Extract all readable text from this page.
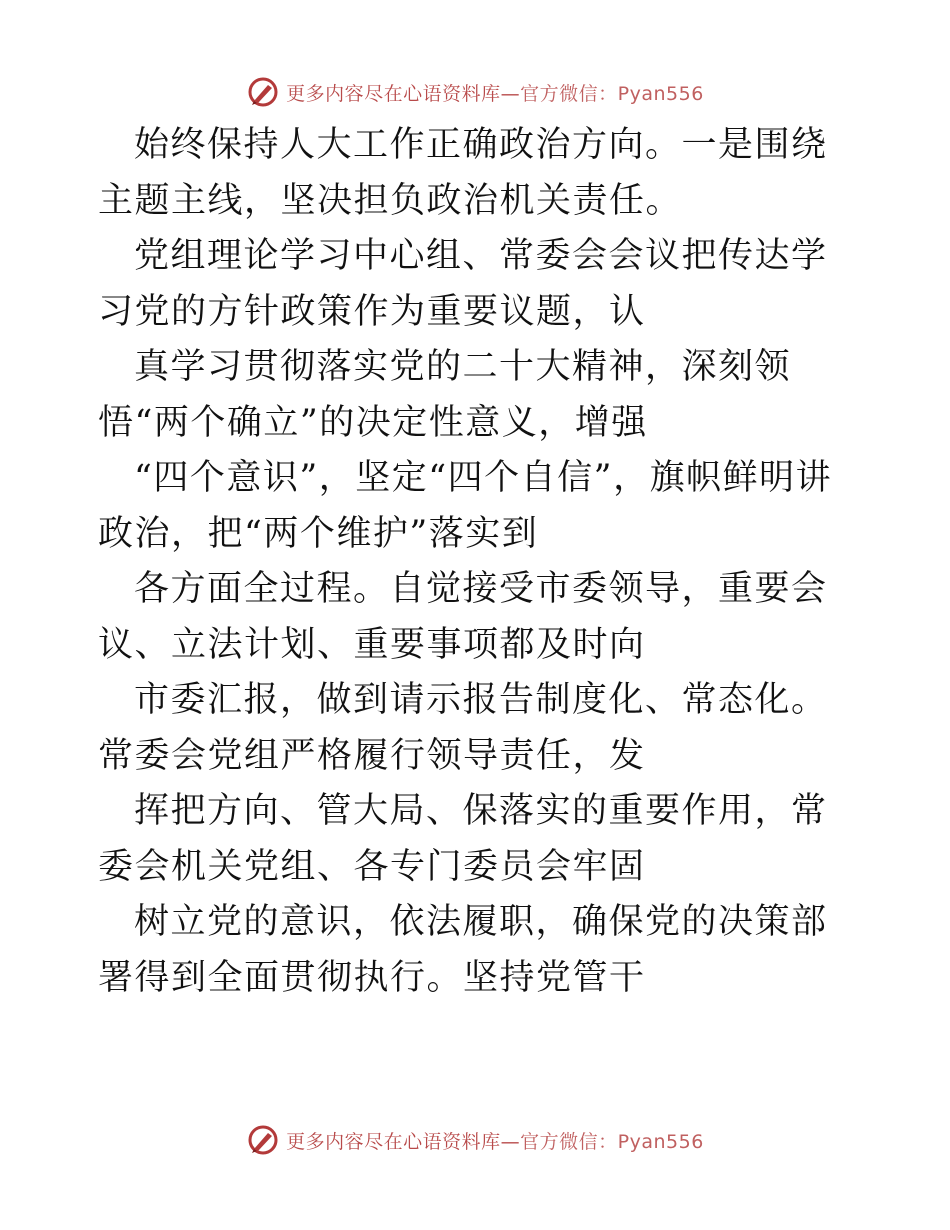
更多内容尽在心语资料库—官方微信：Pyan556

始终保持人大工作正确政治方向。一是围绕主题主线，坚决担负政治机关责任。

党组理论学习中心组、常委会会议把传达学习党的方针政策作为重要议题，认

真学习贯彻落实党的二十大精神，深刻领悟“两个确立”的决定性意义，增强

“四个意识”，坚定“四个自信”，旗帜鲜明讲政治，把“两个维护”落实到

各方面全过程。自觉接受市委领导，重要会议、立法计划、重要事项都及时向

市委汇报，做到请示报告制度化、常态化。常委会党组严格履行领导责任，发

挥把方向、管大局、保落实的重要作用，常委会机关党组、各专门委员会牢固

树立党的意识，依法履职，确保党的决策部署得到全面贯彻执行。坚持党管干

更多内容尽在心语资料库—官方微信：Pyan556
